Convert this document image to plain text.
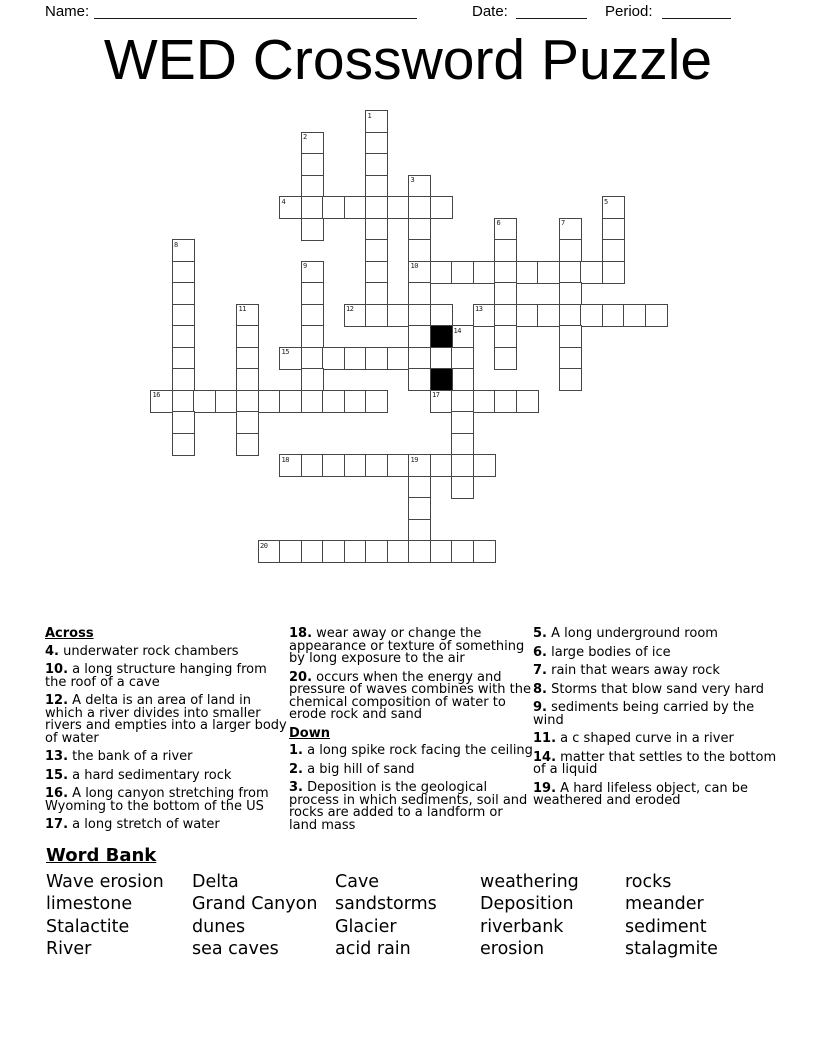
Name:	Date:	Period:
WED Crossword Puzzle
1
2
3
4	5
6	7
8
9	10
11	12	13
14
15
16	17
18	19
20
Across
4. underwater rock chambers
10. a long structure hanging from the roof of a cave
12. A delta is an area of land in which a river divides into smaller rivers and empties into a larger body of water
13. the bank of a river
15. a hard sedimentary rock
16. A long canyon stretching from Wyoming to the bottom of the US
17. a long stretch of water
18. wear away or change the appearance or texture of something by long exposure to the air
20. occurs when the energy and pressure of waves combines with the chemical composition of water to erode rock and sand
Down
1. a long spike rock facing the ceiling
2. a big hill of sand
3. Deposition is the geological process in which sediments, soil and rocks are added to a landform or land mass
5. A long underground room
6. large bodies of ice
7. rain that wears away rock
8. Storms that blow sand very hard
9. sediments being carried by the wind
11. a c shaped curve in a river
14. matter that settles to the bottom of a liquid
19. A hard lifeless object, can be weathered and eroded
Word Bank
Wave erosion
limestone
Stalactite
River
Delta
Grand Canyon
dunes
sea caves
Cave
sandstorms
Glacier
acid rain
weathering
Deposition
riverbank
erosion
rocks
meander
sediment
stalagmite
